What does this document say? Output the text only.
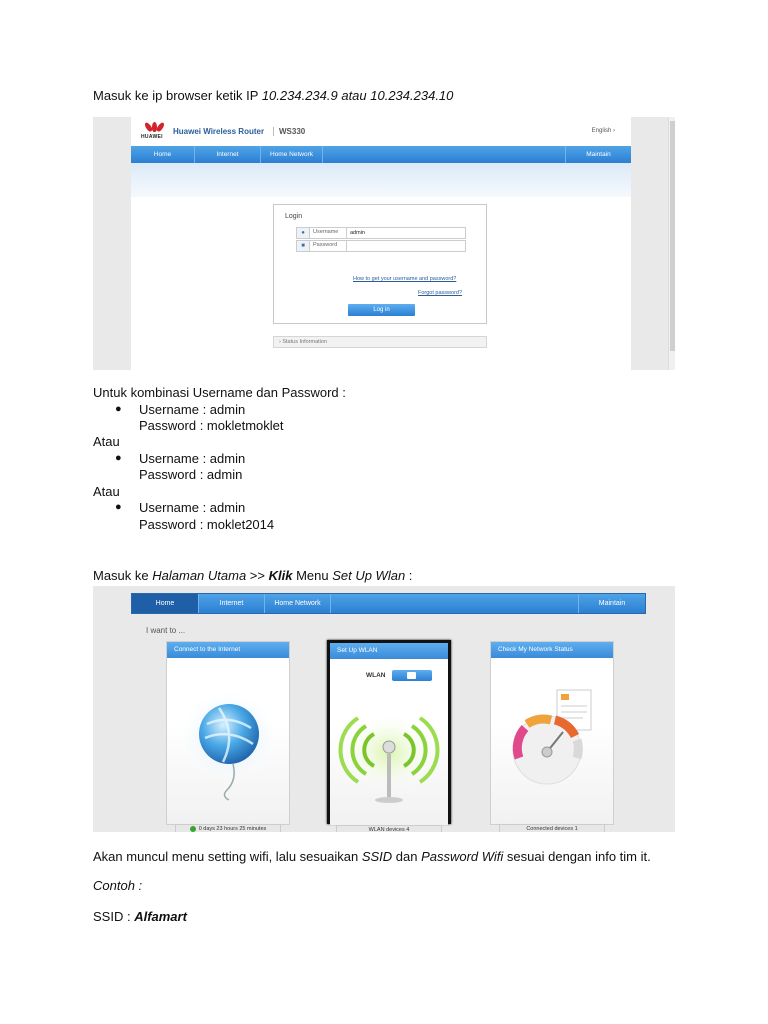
Masuk ke ip browser ketik IP 10.234.234.9 atau 10.234.234.10
HUAWEI
Huawei Wireless Router	WS330	English ›
Home	Internet	Home Network	Maintain
Login
●	Username	admin
■	Password
How to get your username and password?
Forgot password?
Log in
› Status Information
Untuk kombinasi Username dan Password :
● Username : admin
Password : mokletmoklet
Atau
● Username : admin
Password : admin
Atau
● Username : admin
Password : moklet2014
Masuk ke Halaman Utama >> Klik Menu Set Up Wlan :
Home	Internet	Home Network	Maintain
I want to ...
Connect to the Internet
0 days 23 hours 25 minutes
Set Up WLAN
WLAN
WLAN devices 4
Check My Network Status
Connected devices 1
Akan muncul menu setting wifi, lalu sesuaikan SSID dan Password Wifi sesuai dengan info tim it.
Contoh :
SSID : Alfamart
